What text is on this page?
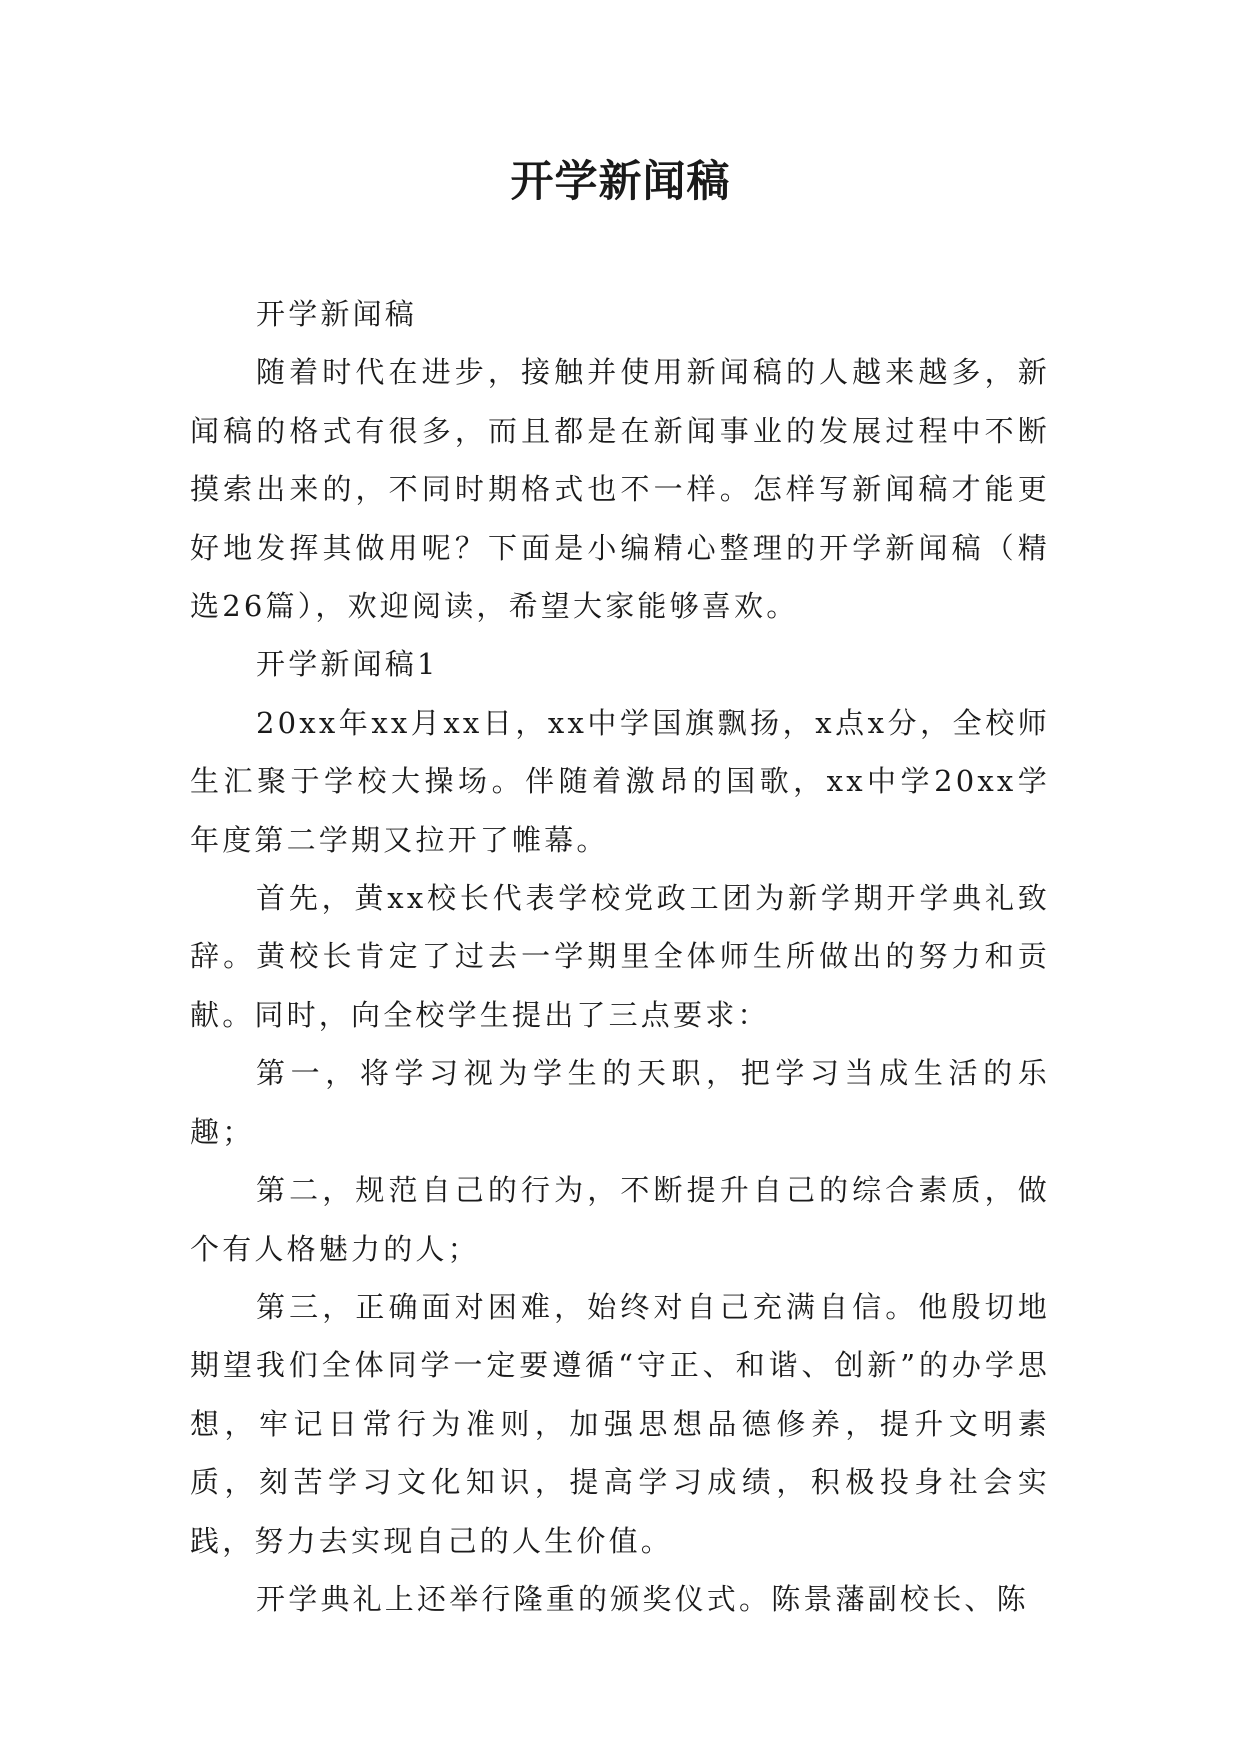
开学新闻稿

开学新闻稿

随着时代在进步，接触并使用新闻稿的人越来越多，新闻稿的格式有很多，而且都是在新闻事业的发展过程中不断摸索出来的，不同时期格式也不一样。怎样写新闻稿才能更好地发挥其做用呢？下面是小编精心整理的开学新闻稿（精选26篇），欢迎阅读，希望大家能够喜欢。

开学新闻稿1

20xx年xx月xx日，xx中学国旗飘扬，x点x分，全校师生汇聚于学校大操场。伴随着激昂的国歌，xx中学20xx学年度第二学期又拉开了帷幕。

首先，黄xx校长代表学校党政工团为新学期开学典礼致辞。黄校长肯定了过去一学期里全体师生所做出的努力和贡献。同时，向全校学生提出了三点要求：

第一，将学习视为学生的天职，把学习当成生活的乐趣；

第二，规范自己的行为，不断提升自己的综合素质，做个有人格魅力的人；

第三，正确面对困难，始终对自己充满自信。他殷切地期望我们全体同学一定要遵循“守正、和谐、创新”的办学思想，牢记日常行为准则，加强思想品德修养，提升文明素质，刻苦学习文化知识，提高学习成绩，积极投身社会实践，努力去实现自己的人生价值。

开学典礼上还举行隆重的颁奖仪式。陈景藩副校长、陈
